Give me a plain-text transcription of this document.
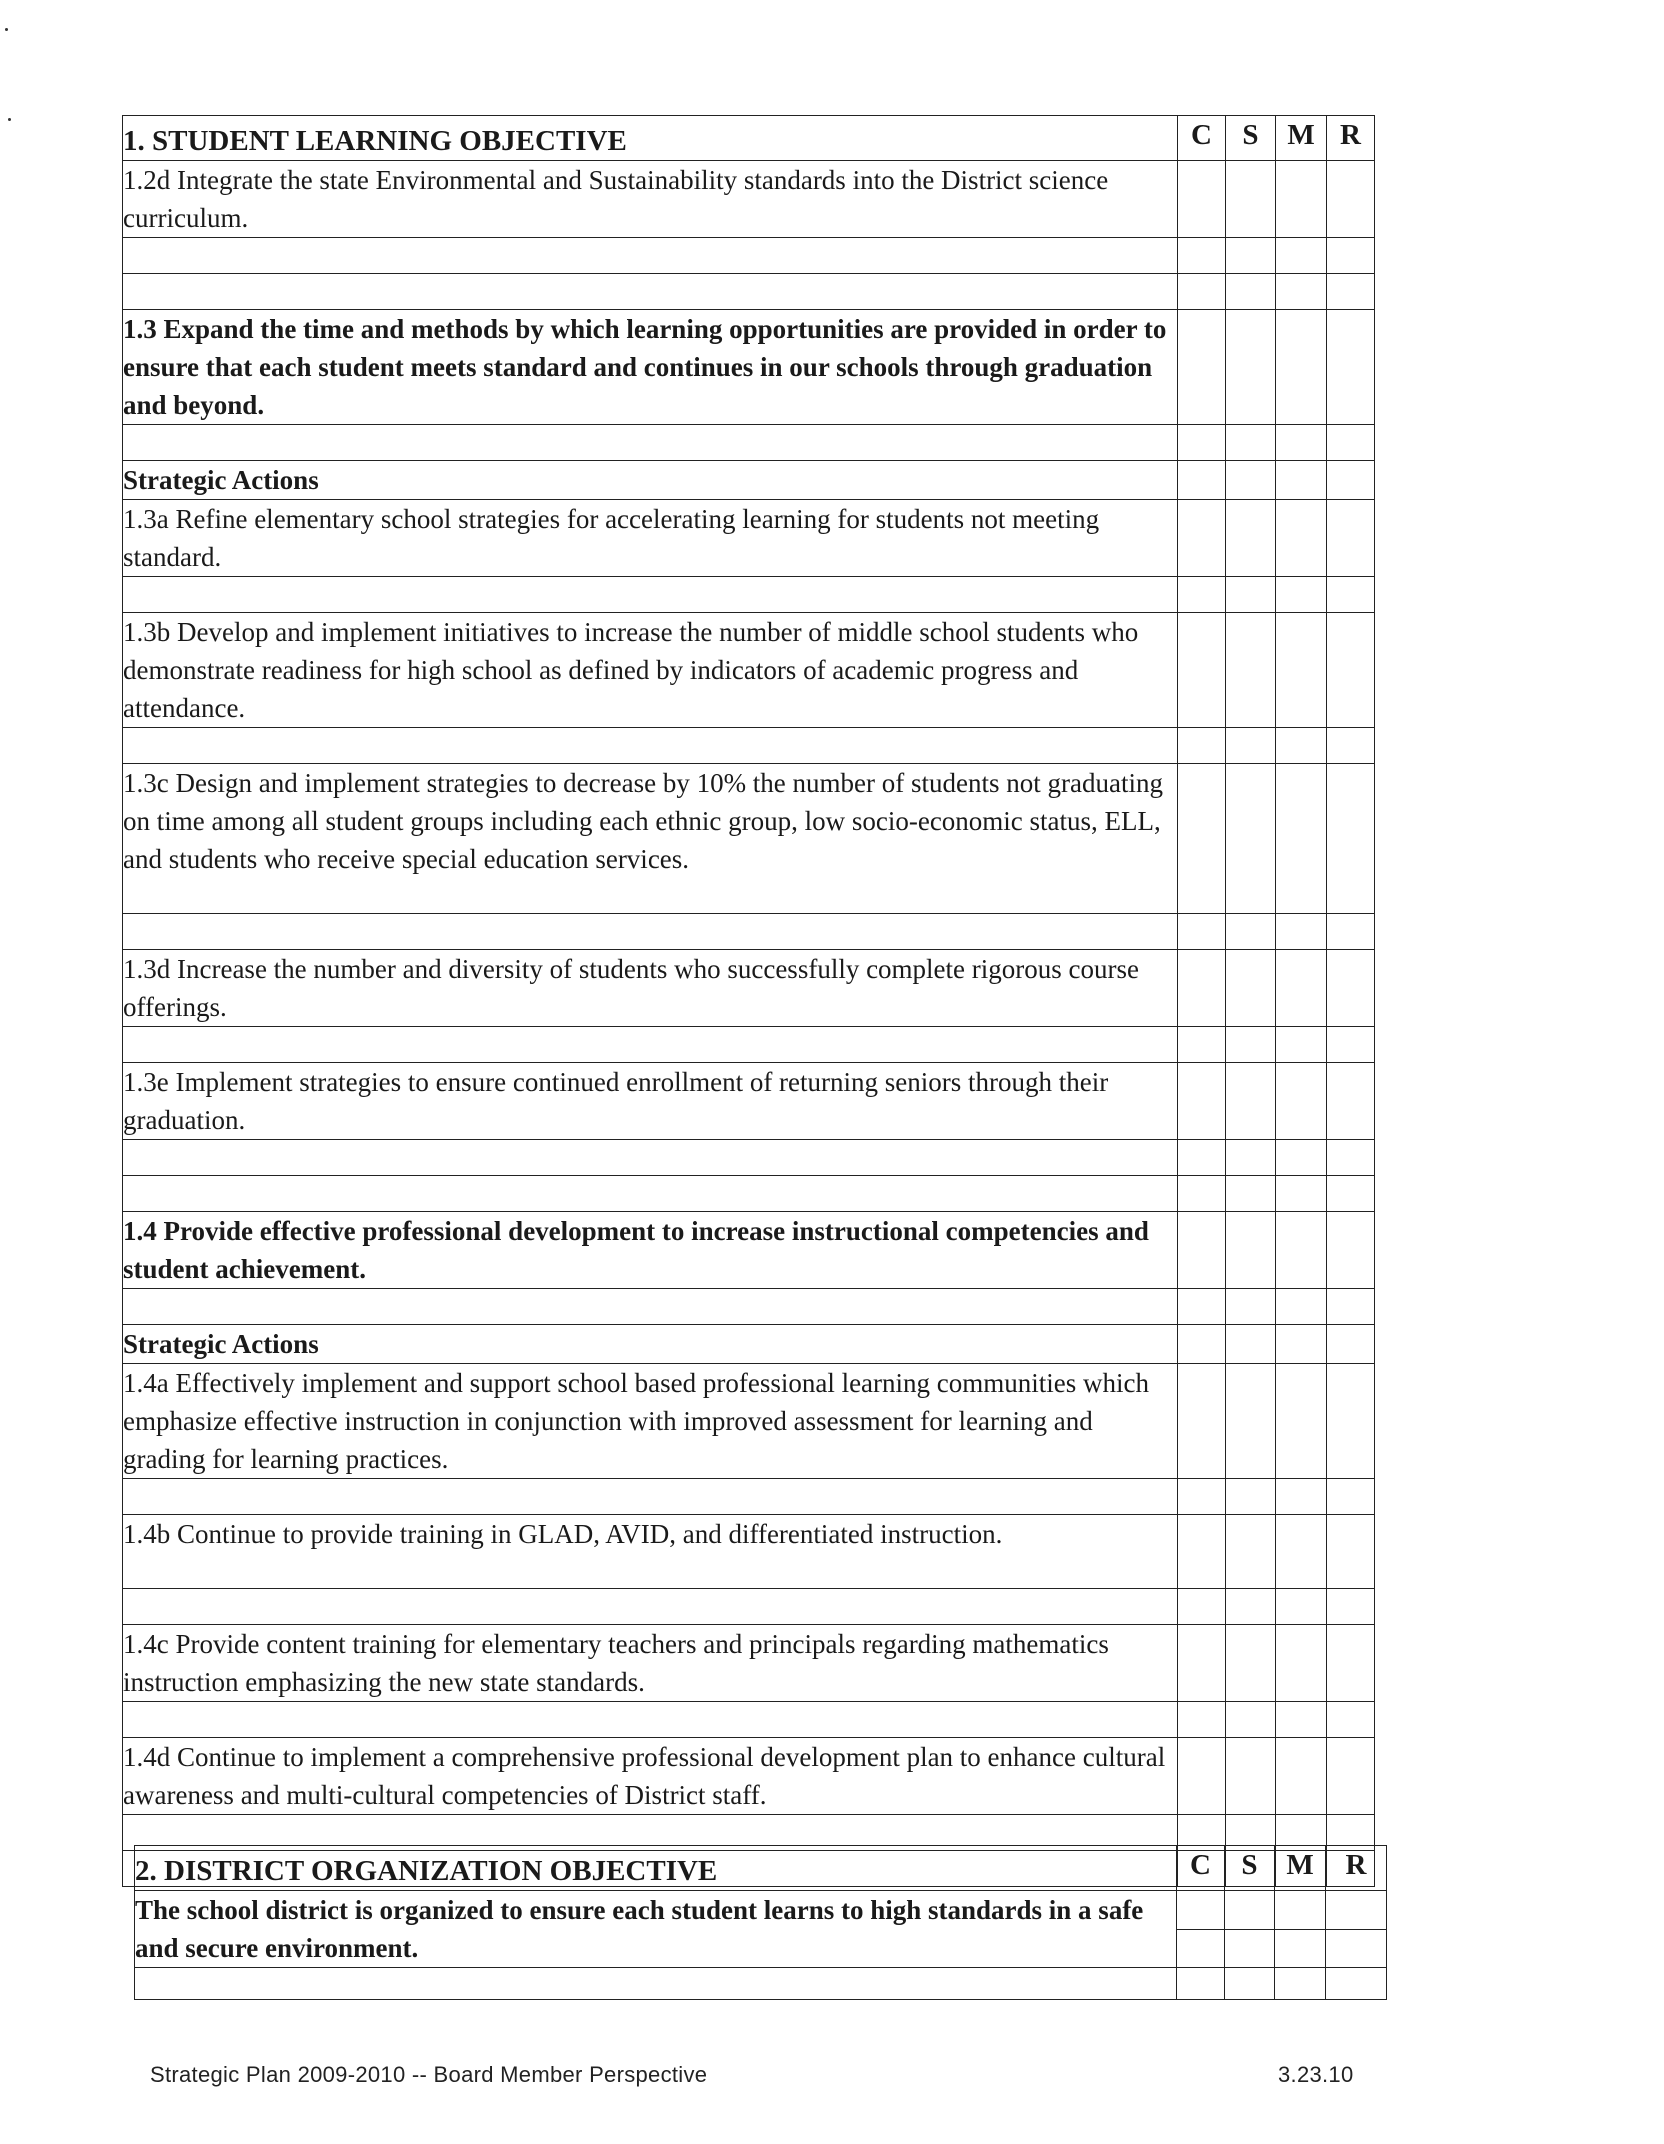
1. STUDENT LEARNING OBJECTIVE	C	S	M	R
1.2d Integrate the state Environmental and Sustainability standards into the District science curriculum.				

1.3 Expand the time and methods by which learning opportunities are provided in order to ensure that each student meets standard and continues in our schools through graduation and beyond.				

Strategic Actions				
1.3a Refine elementary school strategies for accelerating learning for students not meeting standard.				

1.3b Develop and implement initiatives to increase the number of middle school students who demonstrate readiness for high school as defined by indicators of academic progress and attendance.				

1.3c Design and implement strategies to decrease by 10% the number of students not graduating on time among all student groups including each ethnic group, low socio-economic status, ELL, and students who receive special education services.				

1.3d Increase the number and diversity of students who successfully complete rigorous course offerings.				

1.3e Implement strategies to ensure continued enrollment of returning seniors through their graduation.				

1.4 Provide effective professional development to increase instructional competencies and student achievement.				

Strategic Actions				
1.4a Effectively implement and support school based professional learning communities which emphasize effective instruction in conjunction with improved assessment for learning and grading for learning practices.				

1.4b Continue to provide training in GLAD, AVID, and differentiated instruction.				

1.4c Provide content training for elementary teachers and principals regarding mathematics instruction emphasizing the new state standards.				

1.4d Continue to implement a comprehensive professional development plan to enhance cultural awareness and multi-cultural competencies of District staff.				

2. DISTRICT ORGANIZATION OBJECTIVE	C	S	M	R
The school district is organized to ensure each student learns to high standards in a safe and secure environment.				

Strategic Plan 2009-2010 -- Board Member Perspective	3.23.10
